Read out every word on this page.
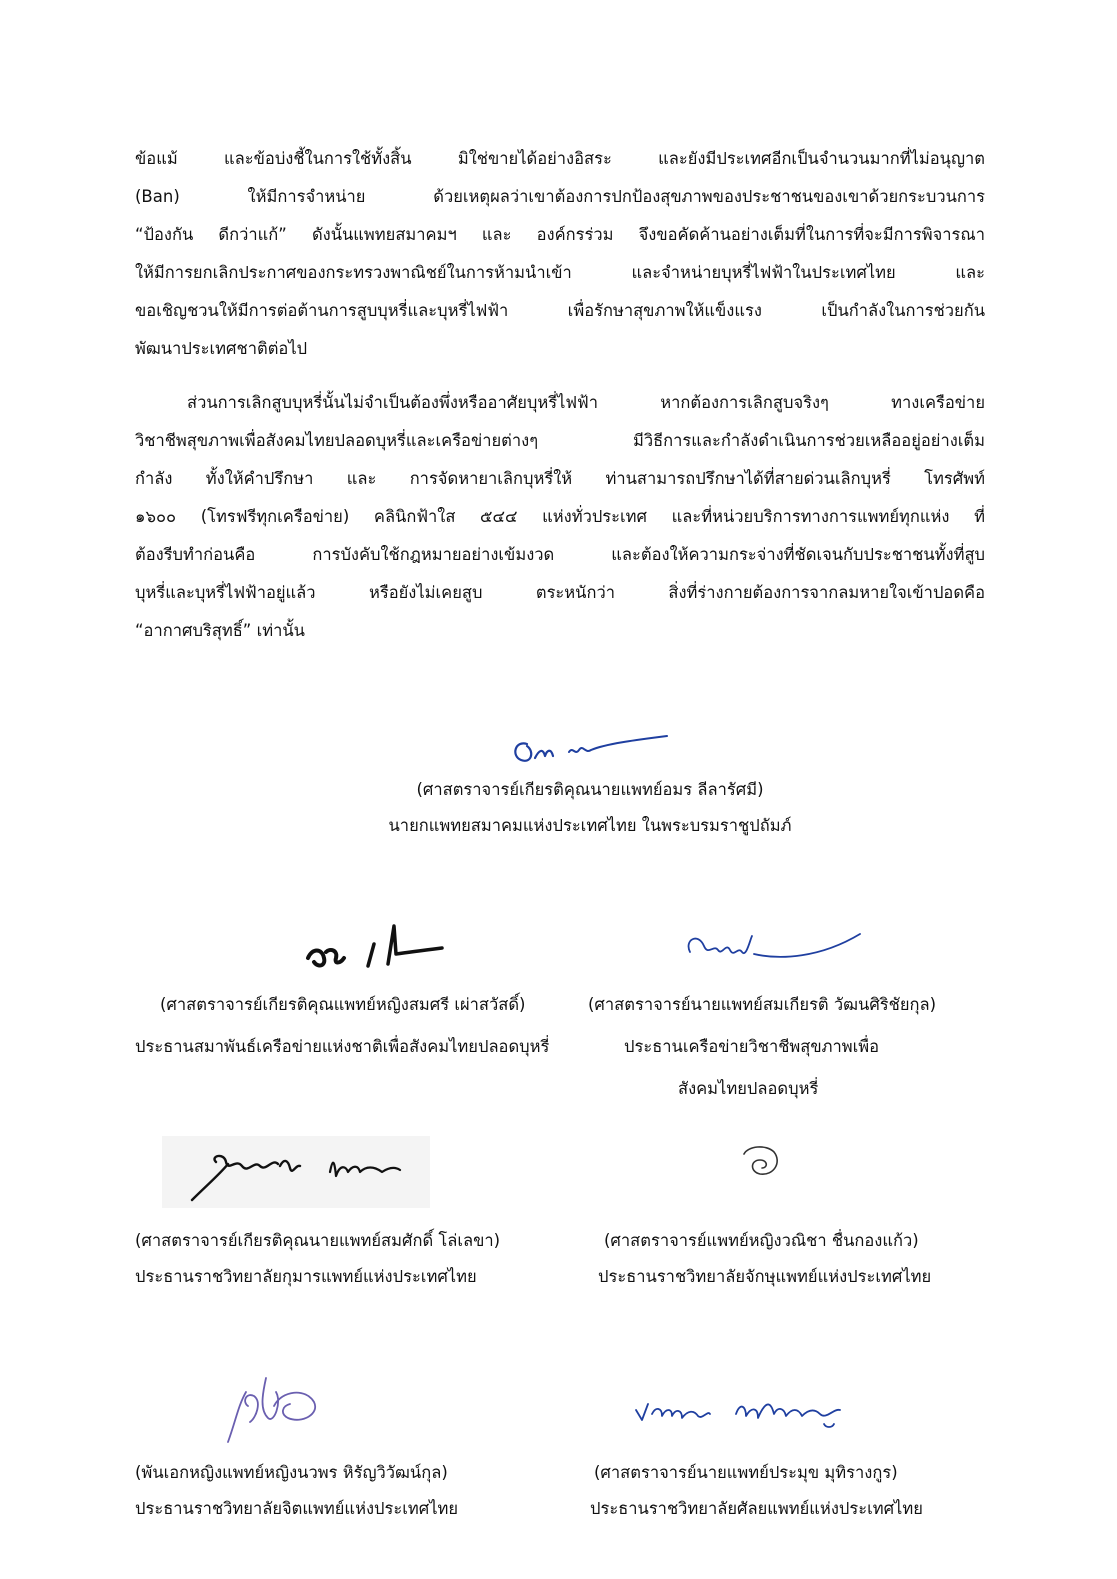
ข้อแม้ และข้อบ่งชี้ในการใช้ทั้งสิ้น มิใช่ขายได้อย่างอิสระ และยังมีประเทศอีกเป็นจำนวนมากที่ไม่อนุญาต
(Ban) ให้มีการจำหน่าย ด้วยเหตุผลว่าเขาต้องการปกป้องสุขภาพของประชาชนของเขาด้วยกระบวนการ
“ป้องกัน ดีกว่าแก้” ดังนั้นแพทยสมาคมฯ และ องค์กรร่วม จึงขอคัดค้านอย่างเต็มที่ในการที่จะมีการพิจารณา
ให้มีการยกเลิกประกาศของกระทรวงพาณิชย์ในการห้ามนำเข้า และจำหน่ายบุหรี่ไฟฟ้าในประเทศไทย และ
ขอเชิญชวนให้มีการต่อต้านการสูบบุหรี่และบุหรี่ไฟฟ้า เพื่อรักษาสุขภาพให้แข็งแรง เป็นกำลังในการช่วยกัน
พัฒนาประเทศชาติต่อไป
ส่วนการเลิกสูบบุหรี่นั้นไม่จำเป็นต้องพึ่งหรืออาศัยบุหรี่ไฟฟ้า หากต้องการเลิกสูบจริงๆ ทางเครือข่าย
วิชาชีพสุขภาพเพื่อสังคมไทยปลอดบุหรี่และเครือข่ายต่างๆ มีวิธีการและกำลังดำเนินการช่วยเหลืออยู่อย่างเต็ม
กำลัง ทั้งให้คำปรึกษา และ การจัดหายาเลิกบุหรี่ให้ ท่านสามารถปรึกษาได้ที่สายด่วนเลิกบุหรี่ โทรศัพท์
๑๖๐๐ (โทรฟรีทุกเครือข่าย) คลินิกฟ้าใส ๕๔๔ แห่งทั่วประเทศ และที่หน่วยบริการทางการแพทย์ทุกแห่ง ที่
ต้องรีบทำก่อนคือ การบังคับใช้กฎหมายอย่างเข้มงวด และต้องให้ความกระจ่างที่ชัดเจนกับประชาชนทั้งที่สูบ
บุหรี่และบุหรี่ไฟฟ้าอยู่แล้ว หรือยังไม่เคยสูบ ตระหนักว่า สิ่งที่ร่างกายต้องการจากลมหายใจเข้าปอดคือ
“อากาศบริสุทธิ์” เท่านั้น
(ศาสตราจารย์เกียรติคุณนายแพทย์อมร ลีลารัศมี)
นายกแพทยสมาคมแห่งประเทศไทย ในพระบรมราชูปถัมภ์
(ศาสตราจารย์เกียรติคุณแพทย์หญิงสมศรี เผ่าสวัสดิ์)
ประธานสมาพันธ์เครือข่ายแห่งชาติเพื่อสังคมไทยปลอดบุหรี่
(ศาสตราจารย์นายแพทย์สมเกียรติ วัฒนศิริชัยกุล)
ประธานเครือข่ายวิชาชีพสุขภาพเพื่อ
สังคมไทยปลอดบุหรี่
(ศาสตราจารย์เกียรติคุณนายแพทย์สมศักดิ์ โล่เลขา)
ประธานราชวิทยาลัยกุมารแพทย์แห่งประเทศไทย
(ศาสตราจารย์แพทย์หญิงวณิชา ชื่นกองแก้ว)
ประธานราชวิทยาลัยจักษุแพทย์แห่งประเทศไทย
(พันเอกหญิงแพทย์หญิงนวพร หิรัญวิวัฒน์กุล)
ประธานราชวิทยาลัยจิตแพทย์แห่งประเทศไทย
(ศาสตราจารย์นายแพทย์ประมุข มุทิรางกูร)
ประธานราชวิทยาลัยศัลยแพทย์แห่งประเทศไทย
